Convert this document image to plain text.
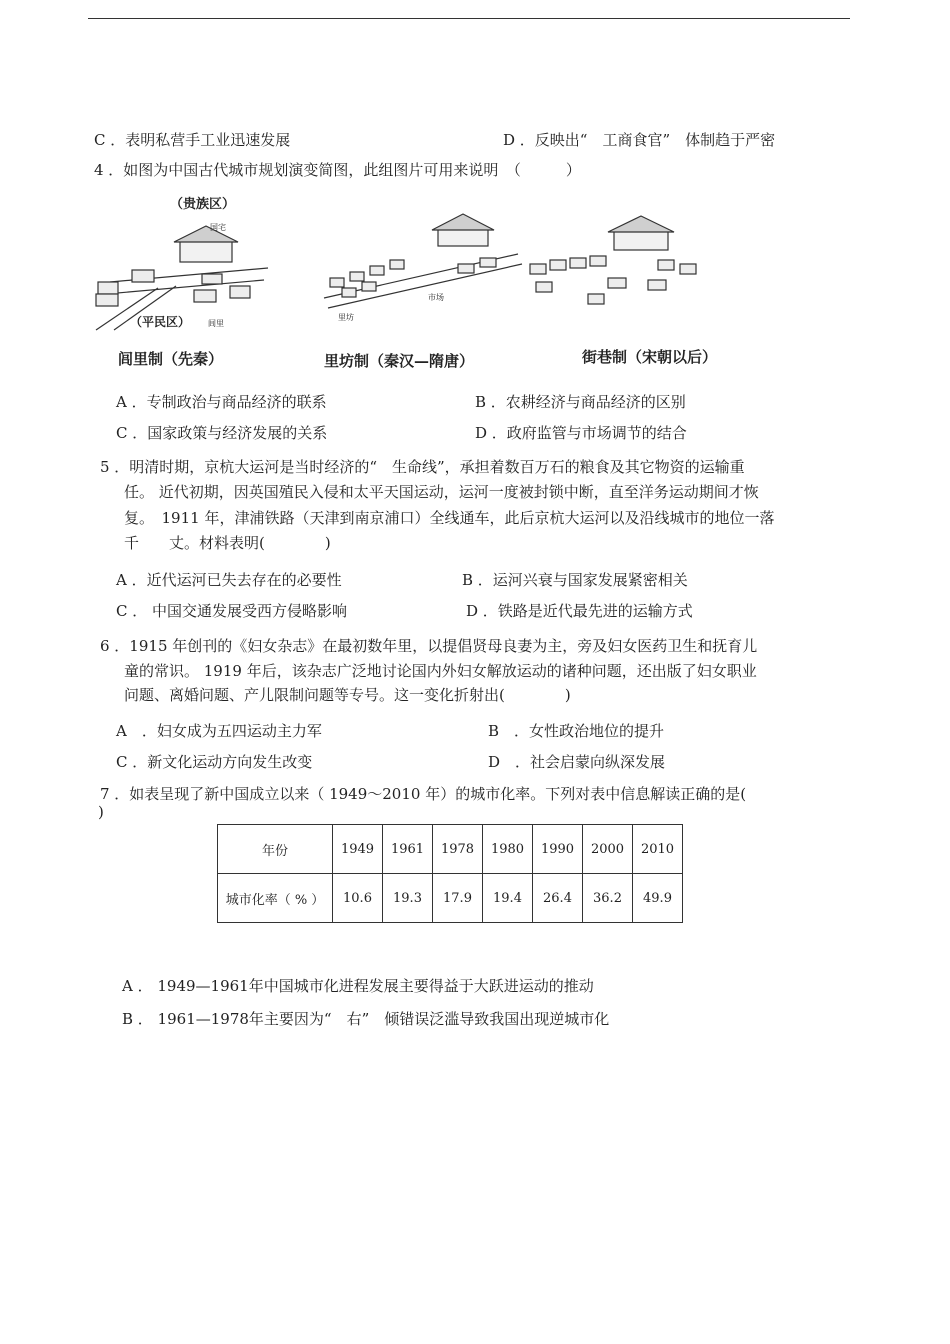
C ．表明私营手工业迅速发展	D ．反映出“　工商食官”　体制趋于严密
4 ．如图为中国古代城市规划演变简图，此组图片可用来说明　（　　　）
（贵族区）
国宅
（平民区） 闾里
闾里制（先秦）
市场
里坊
里坊制（秦汉—隋唐）	街巷制（宋朝以后）
A ．专制政治与商品经济的联系	B ．农耕经济与商品经济的区别
C ．国家政策与经济发展的关系	D ．政府监管与市场调节的结合
5 ．明清时期，京杭大运河是当时经济的“　生命线”，承担着数百万石的粮食及其它物资的运输重
任。 近代初期，因英国殖民入侵和太平天国运动，运河一度被封锁中断，直至洋务运动期间才恢
复。　1911 年，津浦铁路（天津到南京浦口）全线通车，此后京杭大运河以及沿线城市的地位一落
千　　丈。材料表明(　　　　)
A ．近代运河已失去存在的必要性	B ．运河兴衰与国家发展紧密相关
C ． 中国交通发展受西方侵略影响	D ．铁路是近代最先进的运输方式
6 ．1915 年创刊的《妇女杂志》在最初数年里，以提倡贤母良妻为主，旁及妇女医药卫生和抚育儿
童的常识。 1919 年后，该杂志广泛地讨论国内外妇女解放运动的诸种问题，还出版了妇女职业
问题、离婚问题、产儿限制问题等专号。这一变化折射出(　　　　)
A　．妇女成为五四运动主力军	B　．女性政治地位的提升
C ．新文化运动方向发生改变	D　．社会启蒙向纵深发展
7 ．如表呈现了新中国成立以来（ 1949～2010 年）的城市化率。下列对表中信息解读正确的是(
)
年份	1949	1961	1978	1980	1990	2000	2010
城市化率（ % ）	10.6	19.3	17.9	19.4	26.4	36.2	49.9
A ． 1949—1961年中国城市化进程发展主要得益于大跃进运动的推动
B ． 1961—1978年主要因为“　右”　倾错误泛滥导致我国出现逆城市化
